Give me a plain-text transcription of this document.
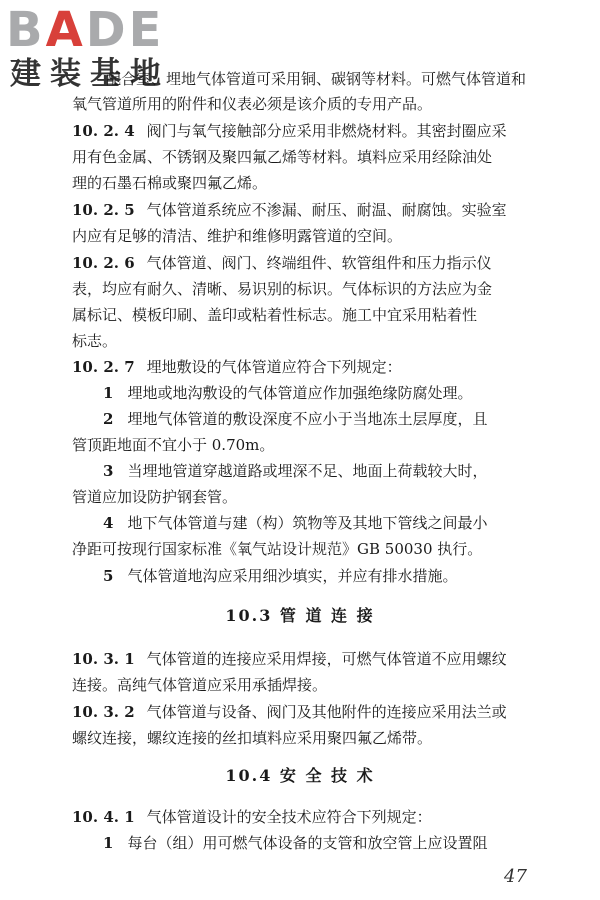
BADE
建装基地
配合室、埋地气体管道可采用铜、碳钢等材料。可燃气体管道和
氧气管道所用的附件和仪表必须是该介质的专用产品。
10. 2. 4 阀门与氧气接触部分应采用非燃烧材料。其密封圈应采
用有色金属、不锈钢及聚四氟乙烯等材料。填料应采用经除油处
理的石墨石棉或聚四氟乙烯。
10. 2. 5 气体管道系统应不渗漏、耐压、耐温、耐腐蚀。实验室
内应有足够的清洁、维护和维修明露管道的空间。
10. 2. 6 气体管道、阀门、终端组件、软管组件和压力指示仪
表，均应有耐久、清晰、易识别的标识。气体标识的方法应为金
属标记、模板印刷、盖印或粘着性标志。施工中宜采用粘着性
标志。
10. 2. 7 埋地敷设的气体管道应符合下列规定：
1 埋地或地沟敷设的气体管道应作加强绝缘防腐处理。
2 埋地气体管道的敷设深度不应小于当地冻土层厚度，且
管顶距地面不宜小于 0.70m。
3 当埋地管道穿越道路或埋深不足、地面上荷载较大时，
管道应加设防护钢套管。
4 地下气体管道与建（构）筑物等及其地下管线之间最小
净距可按现行国家标准《氧气站设计规范》GB 50030 执行。
5 气体管道地沟应采用细沙填实，并应有排水措施。
10.3 管 道 连 接
10. 3. 1 气体管道的连接应采用焊接，可燃气体管道不应用螺纹
连接。高纯气体管道应采用承插焊接。
10. 3. 2 气体管道与设备、阀门及其他附件的连接应采用法兰或
螺纹连接，螺纹连接的丝扣填料应采用聚四氟乙烯带。
10.4 安 全 技 术
10. 4. 1 气体管道设计的安全技术应符合下列规定：
1 每台（组）用可燃气体设备的支管和放空管上应设置阻
47
